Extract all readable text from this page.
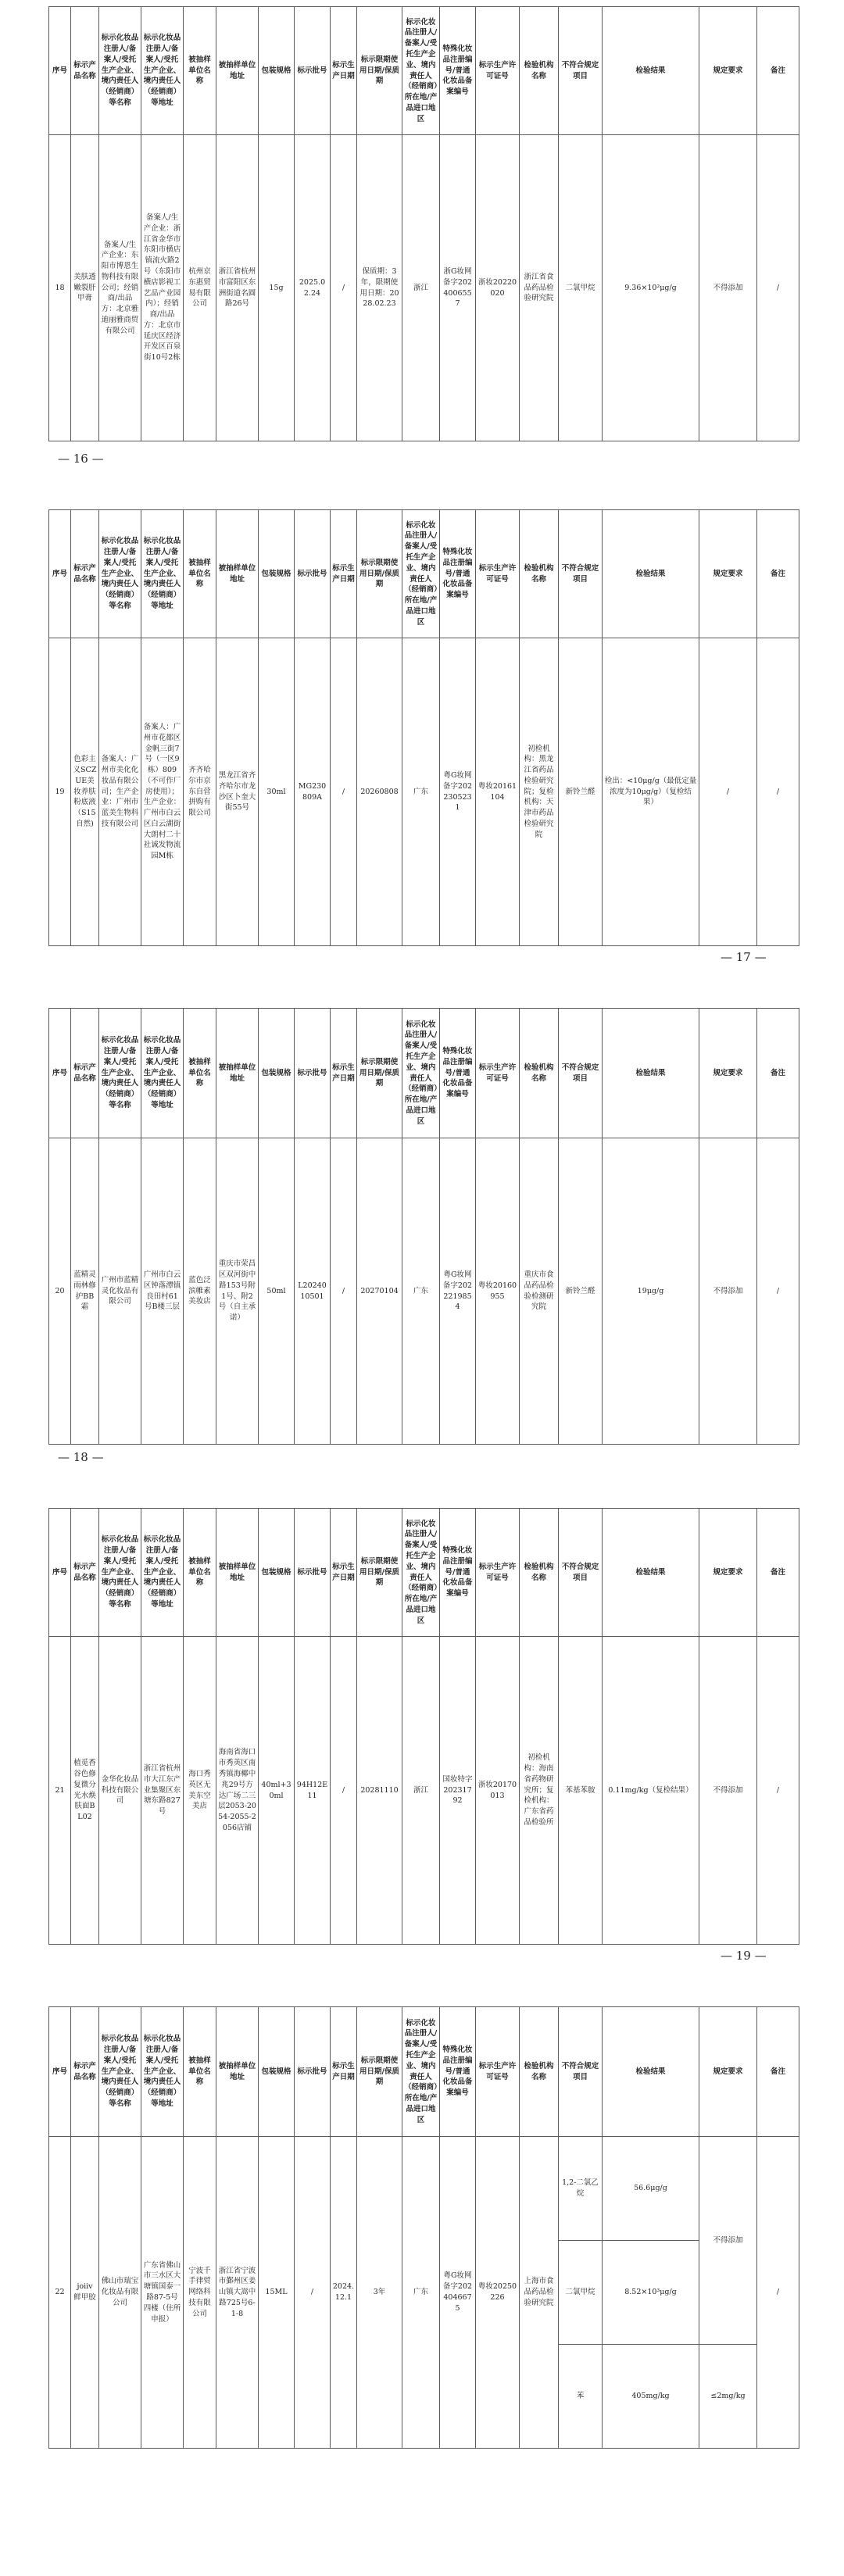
— 16 —
— 17 —
— 18 —
— 19 —
序号	标示产品名称	标示化妆品注册人/备案人/受托生产企业、境内责任人（经销商）等名称	标示化妆品注册人/备案人/受托生产企业、境内责任人（经销商）等地址	被抽样单位名称	被抽样单位地址	包装规格	标示批号	标示生产日期	标示限期使用日期/保质期	标示化妆品注册人/备案人/受托生产企业、境内责任人（经销商）所在地/产品进口地区	特殊化妆品注册编号/普通化妆品备案编号	标示生产许可证号	检验机构名称	不符合规定项目	检验结果	规定要求	备注
18	美肤透嫩裂肝甲膏	备案人/生产企业：东阳市博恩生物科技有限公司；经销商/出品方：北京雅迪丽雅商贸有限公司	备案人/生产企业：浙江省金华市东阳市横店镇流火路2号（东阳市横店影视工艺品产业园内）；经销商/出品方：北京市延庆区经济开发区百泉街10号2栋	杭州京东惠贸易有限公司	浙江省杭州市富阳区东洲街道名圆路26号	15g	2025.02.24	/	保质期：3年，限期使用日期：2028.02.23	浙江	浙G妆网备字2024006557	浙妆20220020	浙江省食品药品检验研究院	二氯甲烷	9.36×10²μg/g	不得添加	/
序号	标示产品名称	标示化妆品注册人/备案人/受托生产企业、境内责任人（经销商）等名称	标示化妆品注册人/备案人/受托生产企业、境内责任人（经销商）等地址	被抽样单位名称	被抽样单位地址	包装规格	标示批号	标示生产日期	标示限期使用日期/保质期	标示化妆品注册人/备案人/受托生产企业、境内责任人（经销商）所在地/产品进口地区	特殊化妆品注册编号/普通化妆品备案编号	标示生产许可证号	检验机构名称	不符合规定项目	检验结果	规定要求	备注
19	色彩主义SCZUE美妆养肤粉底液（S15自然)	备案人：广州市美化化妆品有限公司；生产企业：广州市蓝美生物科技有限公司	备案人：广州市花都区金帆三街7号（一区9栋）809（不可作厂房使用）；生产企业：广州市白云区白云湖街大朗村二十社诚发物流园M栋	齐齐哈尔市京东自营拼购有限公司	黑龙江省齐齐哈尔市龙沙区卜奎大街55号	30ml	MG230809A	/	20260808	广东	粤G妆网备字2022305231	粤妆20161104	初检机构：黑龙江省药品检验研究院；复检机构：天津市药品检验研究院	新铃兰醛	检出：<10μg/g（最低定量浓度为10μg/g）（复检结果）	/	/
序号	标示产品名称	标示化妆品注册人/备案人/受托生产企业、境内责任人（经销商）等名称	标示化妆品注册人/备案人/受托生产企业、境内责任人（经销商）等地址	被抽样单位名称	被抽样单位地址	包装规格	标示批号	标示生产日期	标示限期使用日期/保质期	标示化妆品注册人/备案人/受托生产企业、境内责任人（经销商）所在地/产品进口地区	特殊化妆品注册编号/普通化妆品备案编号	标示生产许可证号	检验机构名称	不符合规定项目	检验结果	规定要求	备注
20	蓝精灵雨林修护BB霜	广州市蓝精灵化妆品有限公司	广州市白云区钟落潭镇良田村61号B楼三层	蓝色泛滨帷素美妆店	重庆市荣昌区双河街中路153号附1号、附2号（自主承诺）	50ml	L2024010501	/	20270104	广东	粤G妆网备字2022219854	粤妆20160955	重庆市食品药品检验检测研究院	新铃兰醛	19μg/g	不得添加	/
序号	标示产品名称	标示化妆品注册人/备案人/受托生产企业、境内责任人（经销商）等名称	标示化妆品注册人/备案人/受托生产企业、境内责任人（经销商）等地址	被抽样单位名称	被抽样单位地址	包装规格	标示批号	标示生产日期	标示限期使用日期/保质期	标示化妆品注册人/备案人/受托生产企业、境内责任人（经销商）所在地/产品进口地区	特殊化妆品注册编号/普通化妆品备案编号	标示生产许可证号	检验机构名称	不符合规定项目	检验结果	规定要求	备注
21	植觅香谷色修复微分光水焕肤面BL02	金华化妆品科技有限公司	浙江省杭州市大江东产业集聚区东塘东路827号	海口秀英区无美东空美店	海南省海口市秀英区南秀镇海椰中兆29号方达广场二三层2053-2054-2055-2056店铺	40ml+30ml	94H12E11	/	20281110	浙江	国妆特字20231792	浙妆20170013	初检机构：海南省药物研究所；复检机构：广东省药品检验所	苯基苯胺	0.11mg/kg（复检结果）	不得添加	/
序号	标示产品名称	标示化妆品注册人/备案人/受托生产企业、境内责任人（经销商）等名称	标示化妆品注册人/备案人/受托生产企业、境内责任人（经销商）等地址	被抽样单位名称	被抽样单位地址	包装规格	标示批号	标示生产日期	标示限期使用日期/保质期	标示化妆品注册人/备案人/受托生产企业、境内责任人（经销商）所在地/产品进口地区	特殊化妆品注册编号/普通化妆品备案编号	标示生产许可证号	检验机构名称	不符合规定项目	检验结果	规定要求	备注
22	joiiv 鲜甲胶	佛山市瑞宝化妆品有限公司	广东省佛山市三水区大塘镇国泰一路87-5号四楼（住所申报）	宁波千手律贸网络科技有限公司	浙江省宁波市鄞州区姜山镇大嵩中路725号6-1-8	15ML	/	2024.12.1	3年	广东	粤G妆网备字2024046675	粤妆20250226	上海市食品药品检验研究院	1,2-二氯乙烷	56.6μg/g	不得添加	/
														二氯甲烷	8.52×10³μg/g		
														苯	405mg/kg	≤2mg/kg	
